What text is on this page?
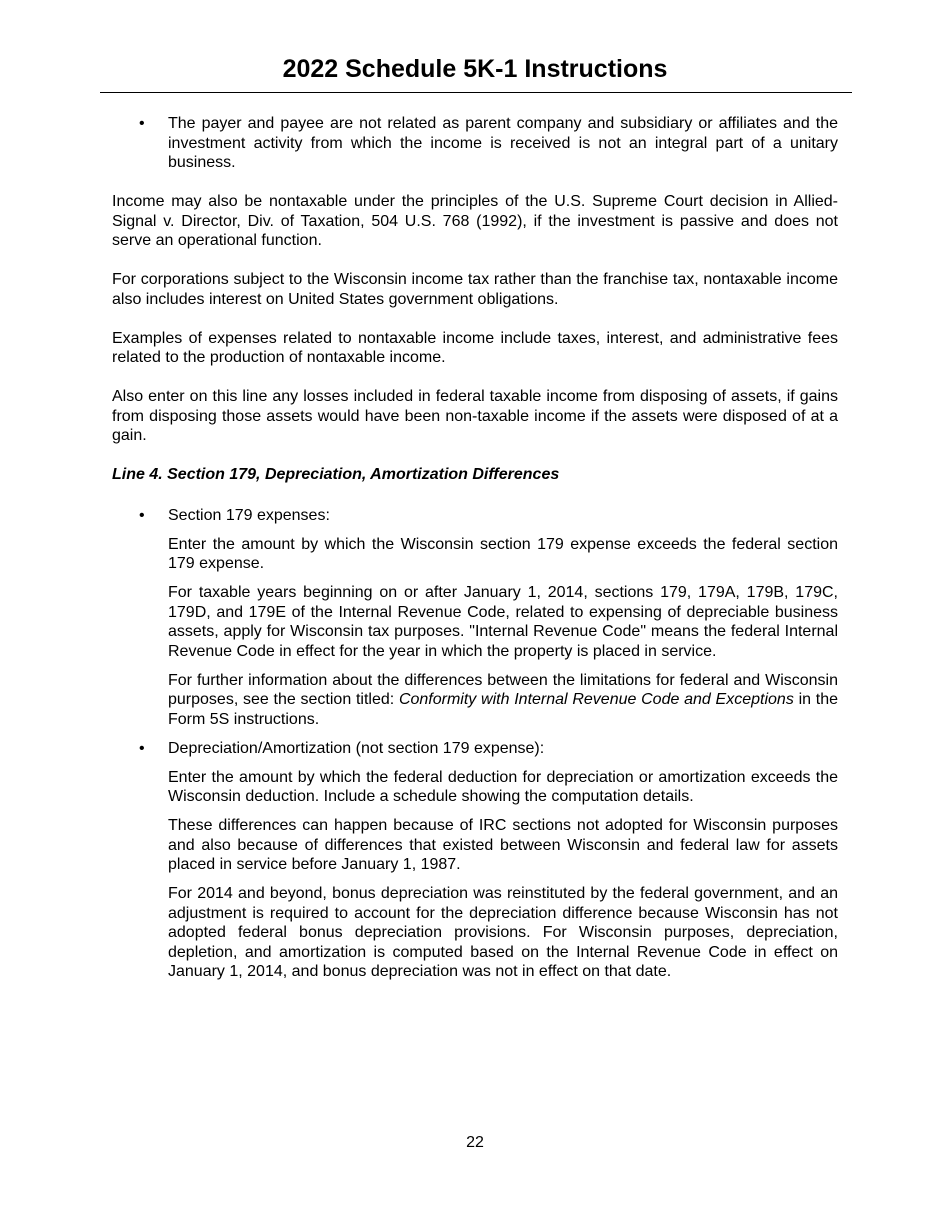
2022 Schedule 5K-1 Instructions
• The payer and payee are not related as parent company and subsidiary or affiliates and the investment activity from which the income is received is not an integral part of a unitary business.

Income may also be nontaxable under the principles of the U.S. Supreme Court decision in Allied-Signal v. Director, Div. of Taxation, 504 U.S. 768 (1992), if the investment is passive and does not serve an operational function.

For corporations subject to the Wisconsin income tax rather than the franchise tax, nontaxable income also includes interest on United States government obligations.

Examples of expenses related to nontaxable income include taxes, interest, and administrative fees related to the production of nontaxable income.

Also enter on this line any losses included in federal taxable income from disposing of assets, if gains from disposing those assets would have been non-taxable income if the assets were disposed of at a gain.

Line 4. Section 179, Depreciation, Amortization Differences

• Section 179 expenses:

Enter the amount by which the Wisconsin section 179 expense exceeds the federal section 179 expense.

For taxable years beginning on or after January 1, 2014, sections 179, 179A, 179B, 179C, 179D, and 179E of the Internal Revenue Code, related to expensing of depreciable business assets, apply for Wisconsin tax purposes. "Internal Revenue Code" means the federal Internal Revenue Code in effect for the year in which the property is placed in service.

For further information about the differences between the limitations for federal and Wisconsin purposes, see the section titled: Conformity with Internal Revenue Code and Exceptions in the Form 5S instructions.

• Depreciation/Amortization (not section 179 expense):

Enter the amount by which the federal deduction for depreciation or amortization exceeds the Wisconsin deduction. Include a schedule showing the computation details.

These differences can happen because of IRC sections not adopted for Wisconsin purposes and also because of differences that existed between Wisconsin and federal law for assets placed in service before January 1, 1987.

For 2014 and beyond, bonus depreciation was reinstituted by the federal government, and an adjustment is required to account for the depreciation difference because Wisconsin has not adopted federal bonus depreciation provisions. For Wisconsin purposes, depreciation, depletion, and amortization is computed based on the Internal Revenue Code in effect on January 1, 2014, and bonus depreciation was not in effect on that date.

22
